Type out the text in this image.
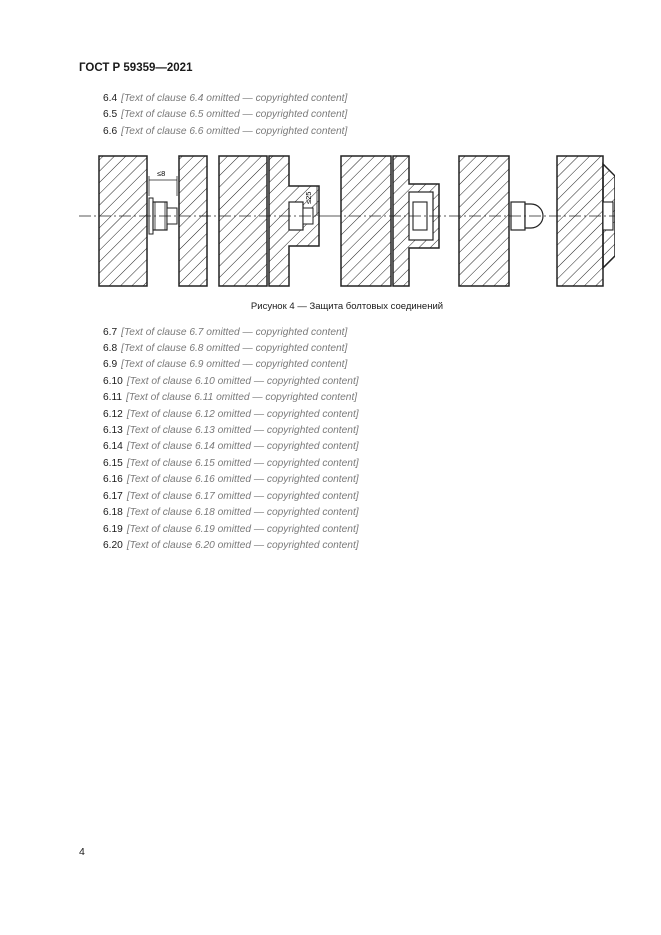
ГОСТ Р 59359—2021

6.4 [Text of clause 6.4 omitted — copyrighted content]

6.5 [Text of clause 6.5 omitted — copyrighted content]

6.6 [Text of clause 6.6 omitted — copyrighted content]

≤8
≤25
Рисунок 4 — Защита болтовых соединений

6.7 [Text of clause 6.7 omitted — copyrighted content]

6.8 [Text of clause 6.8 omitted — copyrighted content]

6.9 [Text of clause 6.9 omitted — copyrighted content]

6.10 [Text of clause 6.10 omitted — copyrighted content]

6.11 [Text of clause 6.11 omitted — copyrighted content]

6.12 [Text of clause 6.12 omitted — copyrighted content]

6.13 [Text of clause 6.13 omitted — copyrighted content]

6.14 [Text of clause 6.14 omitted — copyrighted content]

6.15 [Text of clause 6.15 omitted — copyrighted content]

6.16 [Text of clause 6.16 omitted — copyrighted content]

6.17 [Text of clause 6.17 omitted — copyrighted content]

6.18 [Text of clause 6.18 omitted — copyrighted content]

6.19 [Text of clause 6.19 omitted — copyrighted content]

6.20 [Text of clause 6.20 omitted — copyrighted content]

4
